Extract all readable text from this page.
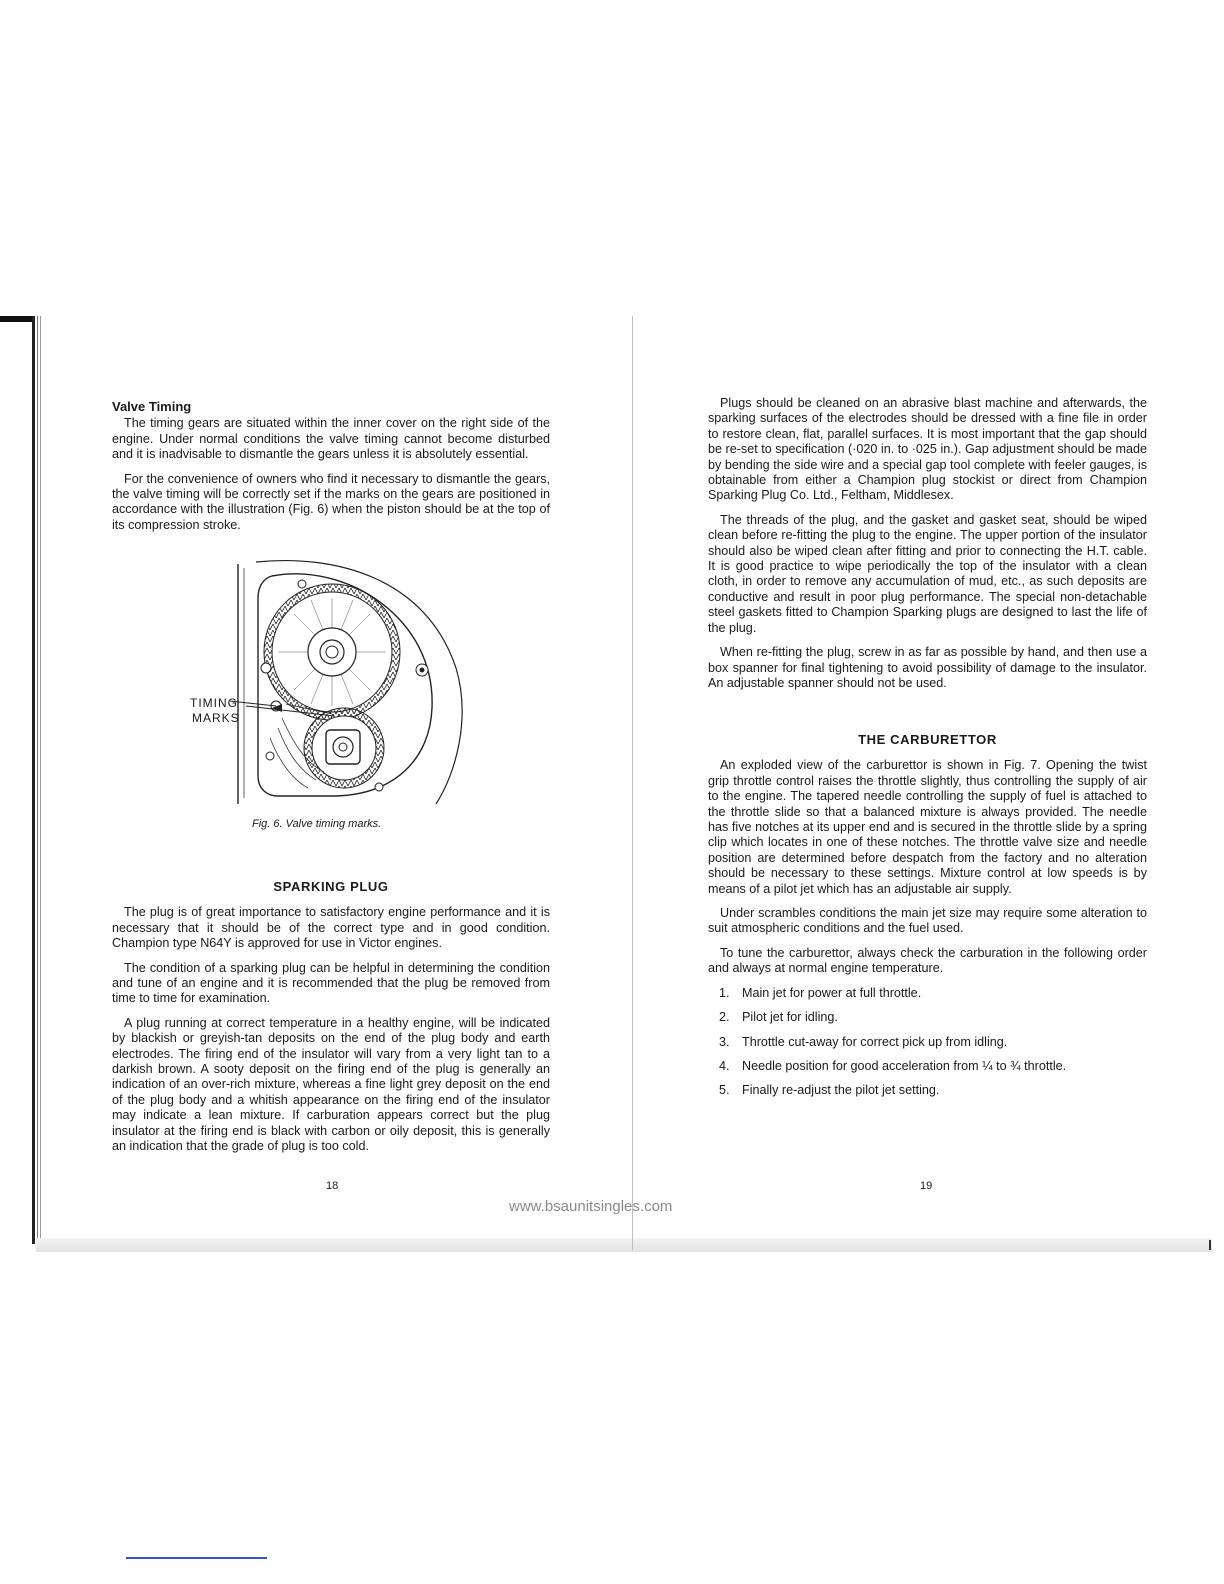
Valve Timing

The timing gears are situated within the inner cover on the right side of the engine. Under normal conditions the valve timing cannot become disturbed and it is inadvisable to dismantle the gears unless it is absolutely essential.

For the convenience of owners who find it necessary to dismantle the gears, the valve timing will be correctly set if the marks on the gears are positioned in accordance with the illustration (Fig. 6) when the piston should be at the top of its compression stroke.

TIMING
MARKS
Fig. 6. Valve timing marks.
SPARKING PLUG

The plug is of great importance to satisfactory engine performance and it is necessary that it should be of the correct type and in good condition. Champion type N64Y is approved for use in Victor engines.

The condition of a sparking plug can be helpful in determining the condition and tune of an engine and it is recommended that the plug be removed from time to time for examination.

A plug running at correct temperature in a healthy engine, will be indicated by blackish or greyish-tan deposits on the end of the plug body and earth electrodes. The firing end of the insulator will vary from a very light tan to a darkish brown. A sooty deposit on the firing end of the plug is generally an indication of an over-rich mixture, whereas a fine light grey deposit on the end of the plug body and a whitish appearance on the firing end of the insulator may indicate a lean mixture. If carburation appears correct but the plug insulator at the firing end is black with carbon or oily deposit, this is generally an indication that the grade of plug is too cold.

18

Plugs should be cleaned on an abrasive blast machine and afterwards, the sparking surfaces of the electrodes should be dressed with a fine file in order to restore clean, flat, parallel surfaces. It is most important that the gap should be re-set to specification (·020 in. to ·025 in.). Gap adjustment should be made by bending the side wire and a special gap tool complete with feeler gauges, is obtainable from either a Champion plug stockist or direct from Champion Sparking Plug Co. Ltd., Feltham, Middlesex.

The threads of the plug, and the gasket and gasket seat, should be wiped clean before re-fitting the plug to the engine. The upper portion of the insulator should also be wiped clean after fitting and prior to connecting the H.T. cable. It is good practice to wipe periodically the top of the insulator with a clean cloth, in order to remove any accumulation of mud, etc., as such deposits are conductive and result in poor plug performance. The special non-detachable steel gaskets fitted to Champion Sparking plugs are designed to last the life of the plug.

When re-fitting the plug, screw in as far as possible by hand, and then use a box spanner for final tightening to avoid possibility of damage to the insulator. An adjustable spanner should not be used.

THE CARBURETTOR

An exploded view of the carburettor is shown in Fig. 7. Opening the twist grip throttle control raises the throttle slightly, thus controlling the supply of air to the engine. The tapered needle controlling the supply of fuel is attached to the throttle slide so that a balanced mixture is always provided. The needle has five notches at its upper end and is secured in the throttle slide by a spring clip which locates in one of these notches. The throttle valve size and needle position are determined before despatch from the factory and no alteration should be necessary to these settings. Mixture control at low speeds is by means of a pilot jet which has an adjustable air supply.

Under scrambles conditions the main jet size may require some alteration to suit atmospheric conditions and the fuel used.

To tune the carburettor, always check the carburation in the following order and always at normal engine temperature.

1. Main jet for power at full throttle.
2. Pilot jet for idling.
3. Throttle cut-away for correct pick up from idling.
4. Needle position for good acceleration from ¼ to ¾ throttle.
5. Finally re-adjust the pilot jet setting.
19
www.bsaunitsingles.com
